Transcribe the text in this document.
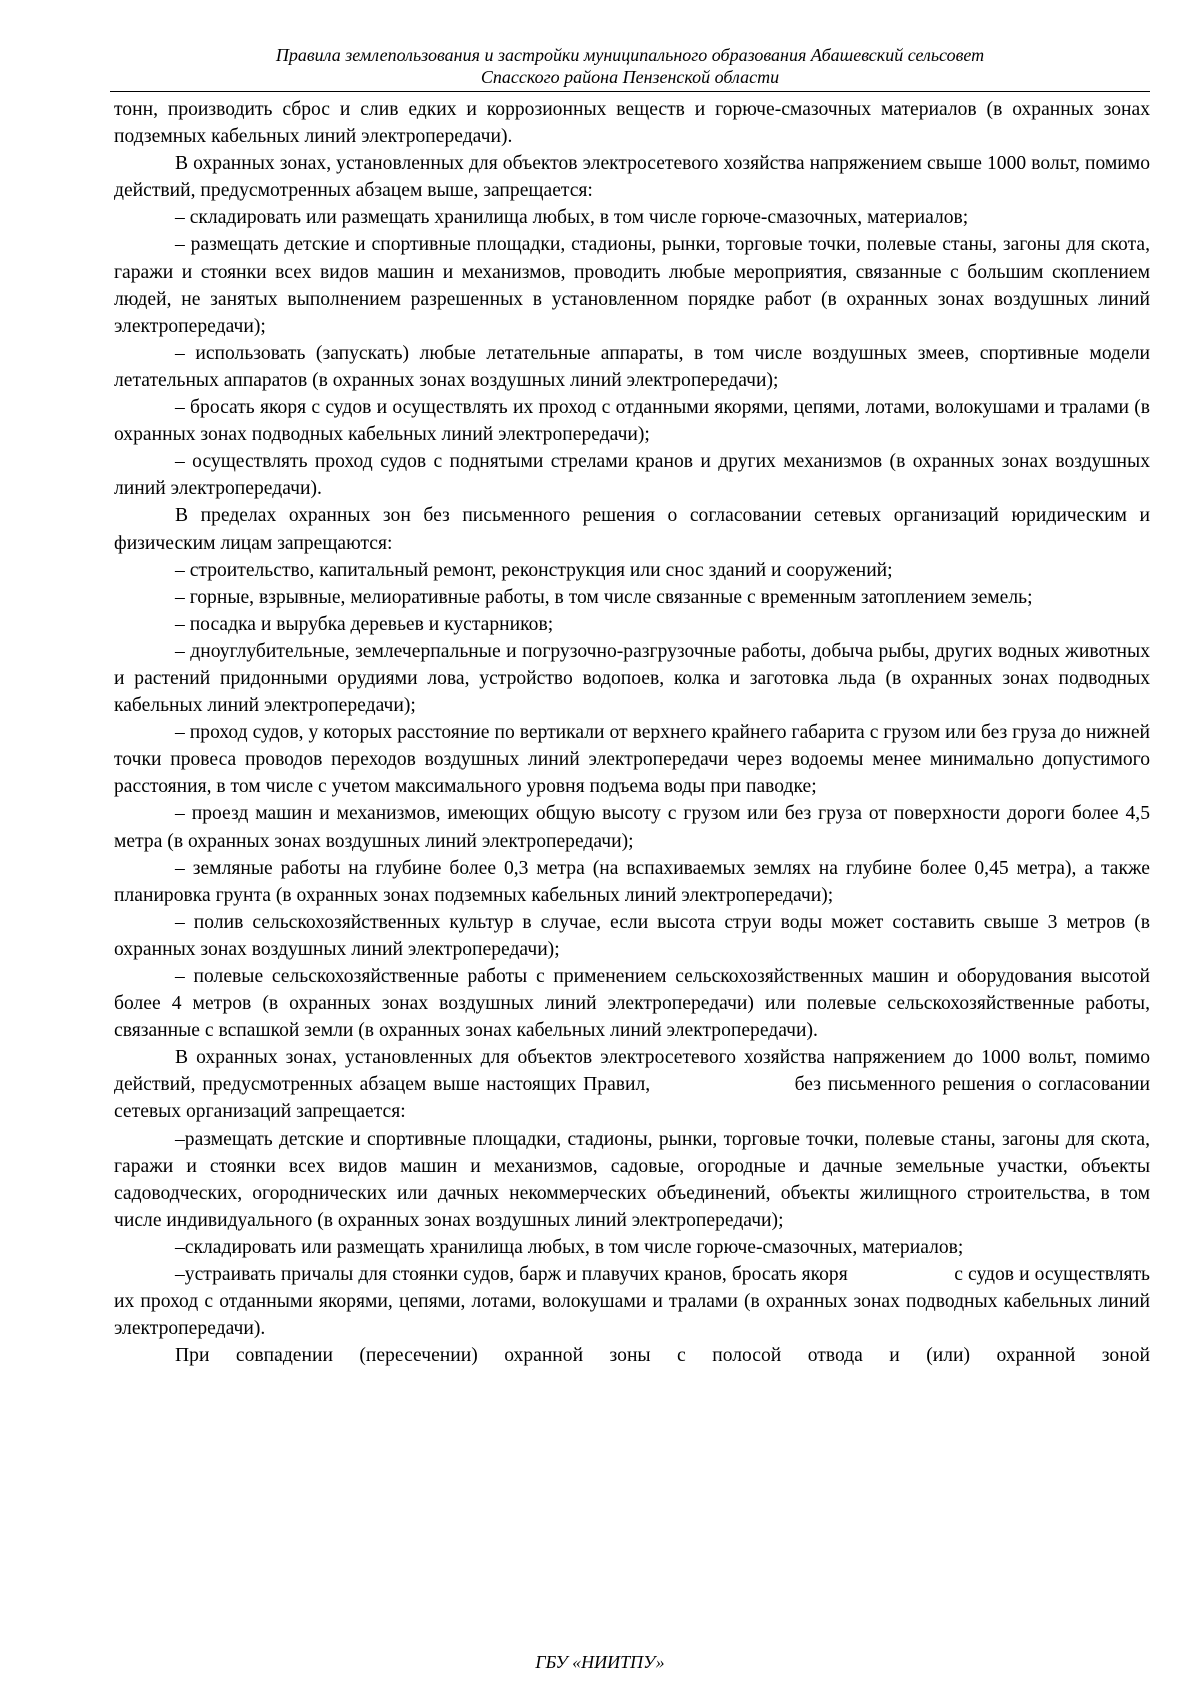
Правила землепользования и застройки муниципального образования Абашевский сельсовет
Спасского района Пензенской области

тонн, производить сброс и слив едких и коррозионных веществ и горюче-смазочных материалов (в охранных зонах подземных кабельных линий электропередачи).

В охранных зонах, установленных для объектов электросетевого хозяйства напряжением свыше 1000 вольт, помимо действий, предусмотренных абзацем выше, запрещается:

– складировать или размещать хранилища любых, в том числе горюче-смазочных, материалов;

– размещать детские и спортивные площадки, стадионы, рынки, торговые точки, полевые станы, загоны для скота, гаражи и стоянки всех видов машин и механизмов, проводить любые мероприятия, связанные с большим скоплением людей, не занятых выполнением разрешенных в установленном порядке работ (в охранных зонах воздушных линий электропередачи);

– использовать (запускать) любые летательные аппараты, в том числе воздушных змеев, спортивные модели летательных аппаратов (в охранных зонах воздушных линий электропередачи);

– бросать якоря с судов и осуществлять их проход с отданными якорями, цепями, лотами, волокушами и тралами (в охранных зонах подводных кабельных линий электропередачи);

– осуществлять проход судов с поднятыми стрелами кранов и других механизмов (в охранных зонах воздушных линий электропередачи).

В пределах охранных зон без письменного решения о согласовании сетевых организаций юридическим и физическим лицам запрещаются:

– строительство, капитальный ремонт, реконструкция или снос зданий и сооружений;

– горные, взрывные, мелиоративные работы, в том числе связанные с временным затоплением земель;

– посадка и вырубка деревьев и кустарников;

– дноуглубительные, землечерпальные и погрузочно-разгрузочные работы, добыча рыбы, других водных животных и растений придонными орудиями лова, устройство водопоев, колка и заготовка льда (в охранных зонах подводных кабельных линий электропередачи);

– проход судов, у которых расстояние по вертикали от верхнего крайнего габарита с грузом или без груза до нижней точки провеса проводов переходов воздушных линий электропередачи через водоемы менее минимально допустимого расстояния, в том числе с учетом максимального уровня подъема воды при паводке;

– проезд машин и механизмов, имеющих общую высоту с грузом или без груза от поверхности дороги более 4,5 метра (в охранных зонах воздушных линий электропередачи);

– земляные работы на глубине более 0,3 метра (на вспахиваемых землях на глубине более 0,45 метра), а также планировка грунта (в охранных зонах подземных кабельных линий электропередачи);

– полив сельскохозяйственных культур в случае, если высота струи воды может составить свыше 3 метров (в охранных зонах воздушных линий электропередачи);

– полевые сельскохозяйственные работы с применением сельскохозяйственных машин и оборудования высотой более 4 метров (в охранных зонах воздушных линий электропередачи) или полевые сельскохозяйственные работы, связанные с вспашкой земли (в охранных зонах кабельных линий электропередачи).

В охранных зонах, установленных для объектов электросетевого хозяйства напряжением до 1000 вольт, помимо действий, предусмотренных абзацем выше настоящих Правил,                     без письменного решения о согласовании сетевых организаций запрещается:

–размещать детские и спортивные площадки, стадионы, рынки, торговые точки, полевые станы, загоны для скота, гаражи и стоянки всех видов машин и механизмов, садовые, огородные и дачные земельные участки, объекты садоводческих, огороднических или дачных некоммерческих объединений, объекты жилищного строительства, в том числе индивидуального (в охранных зонах воздушных линий электропередачи);

–складировать или размещать хранилища любых, в том числе горюче-смазочных, материалов;

–устраивать причалы для стоянки судов, барж и плавучих кранов, бросать якоря                     с судов и осуществлять их проход с отданными якорями, цепями, лотами, волокушами и тралами (в охранных зонах подводных кабельных линий электропередачи).

При совпадении (пересечении) охранной зоны с полосой отвода и (или) охранной зоной

ГБУ «НИИТПУ»
